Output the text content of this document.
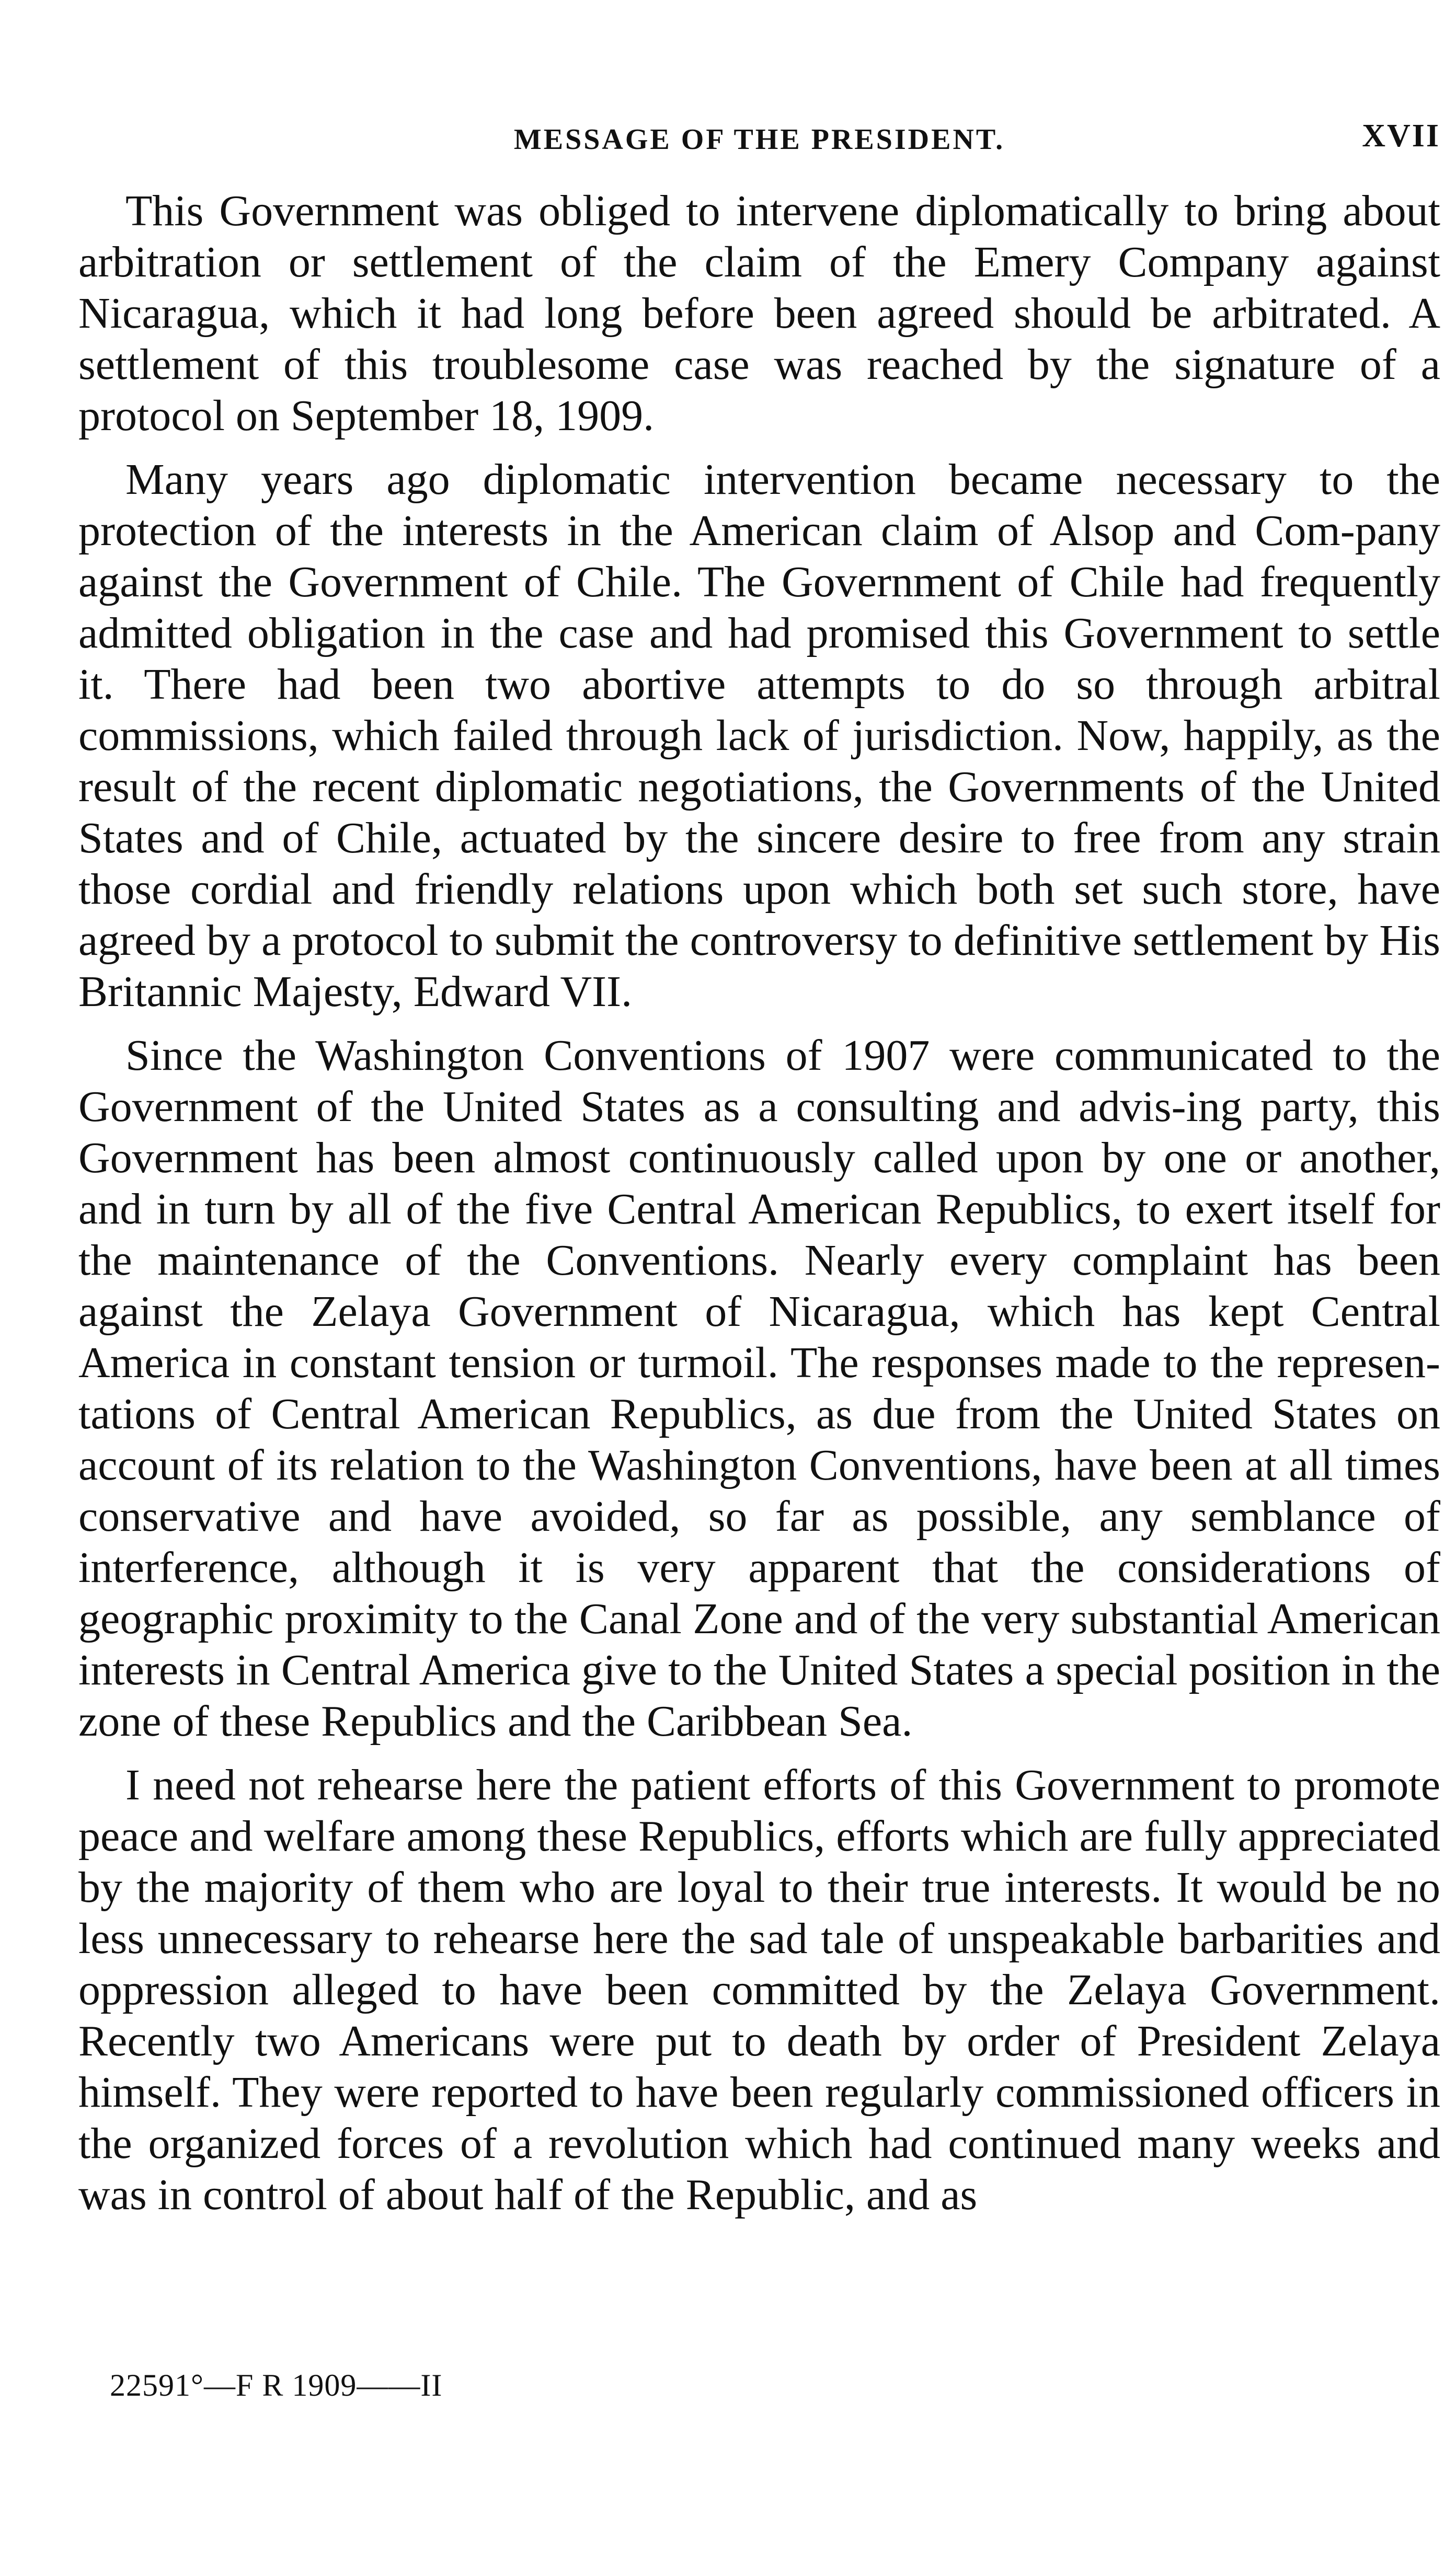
MESSAGE OF THE PRESIDENT.	XVII

This Government was obliged to intervene diplomatically to bring about arbitration or settlement of the claim of the Emery Company against Nicaragua, which it had long before been agreed should be arbitrated. A settlement of this troublesome case was reached by the signature of a protocol on September 18, 1909.

Many years ago diplomatic intervention became necessary to the protection of the interests in the American claim of Alsop and Com-pany against the Government of Chile. The Government of Chile had frequently admitted obligation in the case and had promised this Government to settle it. There had been two abortive attempts to do so through arbitral commissions, which failed through lack of jurisdiction. Now, happily, as the result of the recent diplomatic negotiations, the Governments of the United States and of Chile, actuated by the sincere desire to free from any strain those cordial and friendly relations upon which both set such store, have agreed by a protocol to submit the controversy to definitive settlement by His Britannic Majesty, Edward VII.

Since the Washington Conventions of 1907 were communicated to the Government of the United States as a consulting and advis-ing party, this Government has been almost continuously called upon by one or another, and in turn by all of the five Central American Republics, to exert itself for the maintenance of the Conventions. Nearly every complaint has been against the Zelaya Government of Nicaragua, which has kept Central America in constant tension or turmoil. The responses made to the represen-tations of Central American Republics, as due from the United States on account of its relation to the Washington Conventions, have been at all times conservative and have avoided, so far as possible, any semblance of interference, although it is very apparent that the considerations of geographic proximity to the Canal Zone and of the very substantial American interests in Central America give to the United States a special position in the zone of these Republics and the Caribbean Sea.

I need not rehearse here the patient efforts of this Government to promote peace and welfare among these Republics, efforts which are fully appreciated by the majority of them who are loyal to their true interests. It would be no less unnecessary to rehearse here the sad tale of unspeakable barbarities and oppression alleged to have been committed by the Zelaya Government. Recently two Americans were put to death by order of President Zelaya himself. They were reported to have been regularly commissioned officers in the organized forces of a revolution which had continued many weeks and was in control of about half of the Republic, and as

22591°—F R 1909——II
